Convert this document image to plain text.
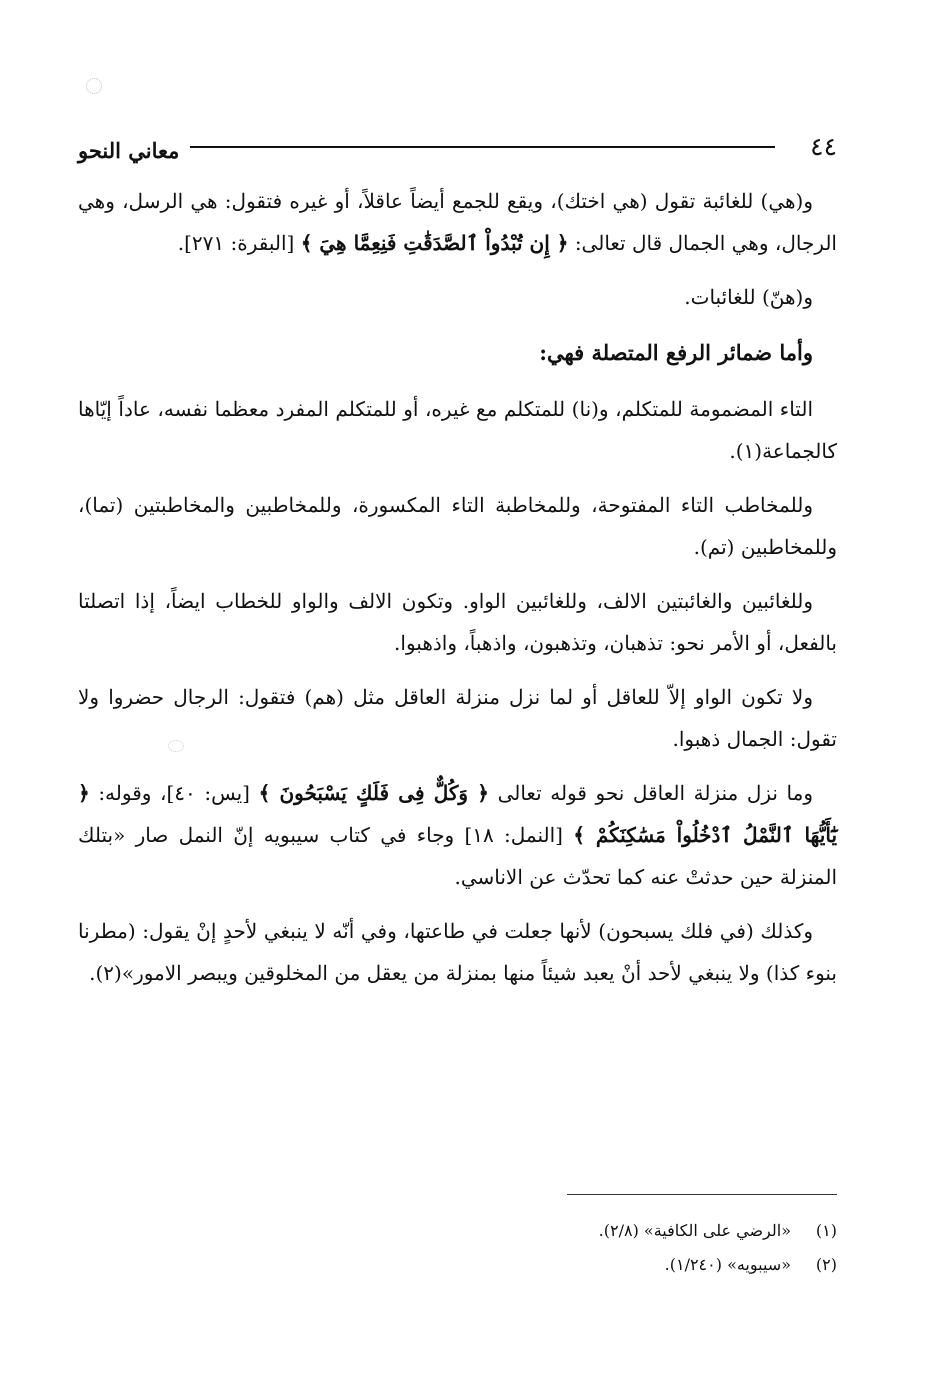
٤٤
معاني النحو

و(هي) للغائبة تقول (هي اختك)، ويقع للجمع أيضاً عاقلاً، أو غيره فتقول: هي الرسل، وهي الرجال، وهي الجمال قال تعالى: ﴿ إِن تُبْدُواْ ٱلصَّدَقَٰتِ فَنِعِمَّا هِيَ ﴾ [البقرة: ٢٧١].

و(هنّ) للغائبات.

وأما ضمائر الرفع المتصلة فهي:

التاء المضمومة للمتكلم، و(نا) للمتكلم مع غيره، أو للمتكلم المفرد معظما نفسه، عاداً إيّاها كالجماعة(١).

وللمخاطب التاء المفتوحة، وللمخاطبة التاء المكسورة، وللمخاطبين والمخاطبتين (تما)، وللمخاطبين (تم).

وللغائبين والغائبتين الالف، وللغائبين الواو. وتكون الالف والواو للخطاب ايضاً، إذا اتصلتا بالفعل، أو الأمر نحو: تذهبان، وتذهبون، واذهباً، واذهبوا.

ولا تكون الواو إلاّ للعاقل أو لما نزل منزلة العاقل مثل (هم) فتقول: الرجال حضروا ولا تقول: الجمال ذهبوا.

وما نزل منزلة العاقل نحو قوله تعالى ﴿ وَكُلٌّ فِى فَلَكٍ يَسْبَحُونَ ﴾ [يس: ٤٠]، وقوله: ﴿ يَٰٓأَيُّهَا ٱلنَّمْلُ ٱدْخُلُواْ مَسَٰكِنَكُمْ ﴾ [النمل: ١٨] وجاء في كتاب سيبويه إنّ النمل صار «بتلك المنزلة حين حدثتْ عنه كما تحدّث عن الاناسي.

وكذلك (في فلك يسبحون) لأنها جعلت في طاعتها، وفي أنّه لا ينبغي لأحدٍ إنْ يقول: (مطرنا بنوء كذا) ولا ينبغي لأحد أنْ يعبد شيئاً منها بمنزلة من يعقل من المخلوقين ويبصر الامور»(٢).

(١)
«الرضي على الكافية» (٢/٨).
(٢)
«سيبويه» (١/٢٤٠).
